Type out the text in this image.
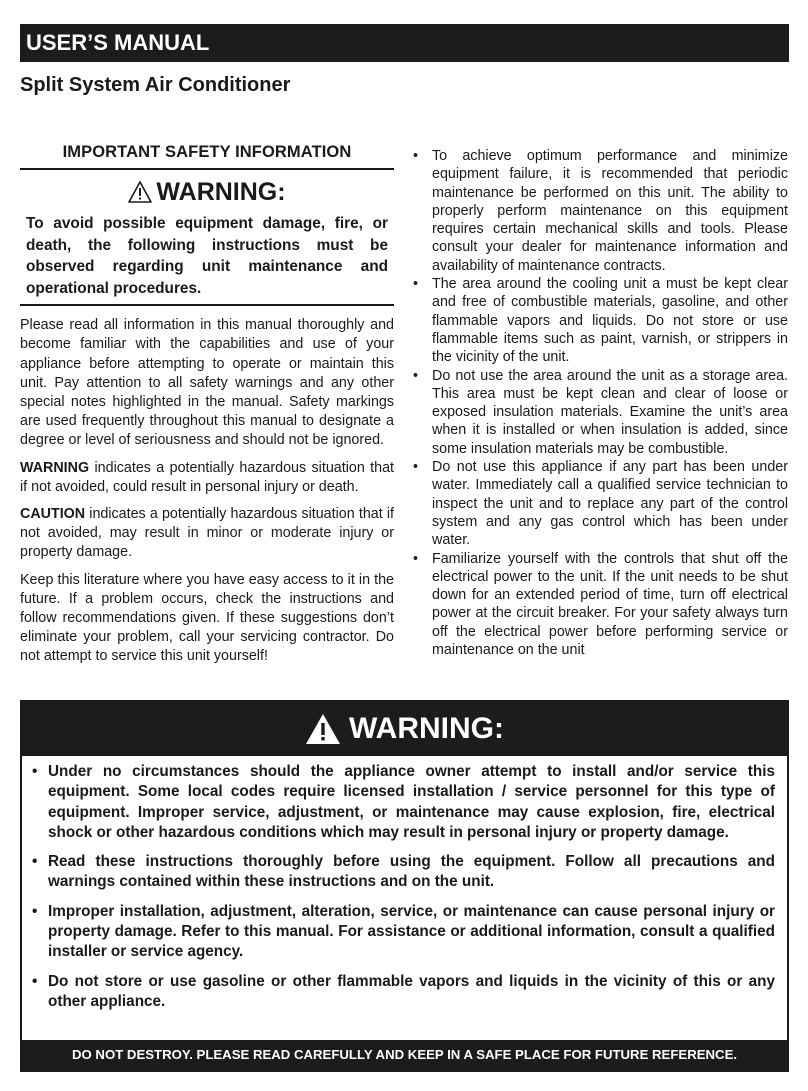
USER’S MANUAL
Split System Air Conditioner
IMPORTANT SAFETY INFORMATION
WARNING:
To avoid possible equipment damage, fire, or death, the following instructions must be observed regarding unit maintenance and operational procedures.

Please read all information in this manual thoroughly and become familiar with the capabilities and use of your appliance before attempting to operate or maintain this unit. Pay attention to all safety warnings and any other special notes highlighted in the manual. Safety markings are used frequently throughout this manual to designate a degree or level of seriousness and should not be ignored.

WARNING indicates a potentially hazardous situation that if not avoided, could result in personal injury or death.

CAUTION indicates a potentially hazardous situation that if not avoided, may result in minor or moderate injury or property damage.

Keep this literature where you have easy access to it in the future. If a problem occurs, check the instructions and follow recommendations given. If these suggestions don’t eliminate your problem, call your servicing contractor. Do not attempt to service this unit yourself!

• To achieve optimum performance and minimize equipment failure, it is recommended that periodic maintenance be performed on this unit. The ability to properly perform maintenance on this equipment requires certain mechanical skills and tools. Please consult your dealer for maintenance information and availability of maintenance contracts.
• The area around the cooling unit a must be kept clear and free of combustible materials, gasoline, and other flammable vapors and liquids. Do not store or use flammable items such as paint, varnish, or strippers in the vicinity of the unit.
• Do not use the area around the unit as a storage area. This area must be kept clean and clear of loose or exposed insulation materials. Examine the unit’s area when it is installed or when insulation is added, since some insulation materials may be combustible.
• Do not use this appliance if any part has been under water. Immediately call a qualified service technician to inspect the unit and to replace any part of the control system and any gas control which has been under water.
• Familiarize yourself with the controls that shut off the electrical power to the unit. If the unit needs to be shut down for an extended period of time, turn off electrical power at the circuit breaker. For your safety always turn off the electrical power before performing service or maintenance on the unit
WARNING:
• Under no circumstances should the appliance owner attempt to install and/or service this equipment. Some local codes require licensed installation / service personnel for this type of equipment. Improper service, adjustment, or maintenance may cause explosion, fire, electrical shock or other hazardous conditions which may result in personal injury or property damage.
• Read these instructions thoroughly before using the equipment. Follow all precautions and warnings contained within these instructions and on the unit.
• Improper installation, adjustment, alteration, service, or maintenance can cause personal injury or property damage. Refer to this manual. For assistance or additional information, consult a qualified installer or service agency.
• Do not store or use gasoline or other flammable vapors and liquids in the vicinity of this or any other appliance.
DO NOT DESTROY. PLEASE READ CAREFULLY AND KEEP IN A SAFE PLACE FOR FUTURE REFERENCE.
